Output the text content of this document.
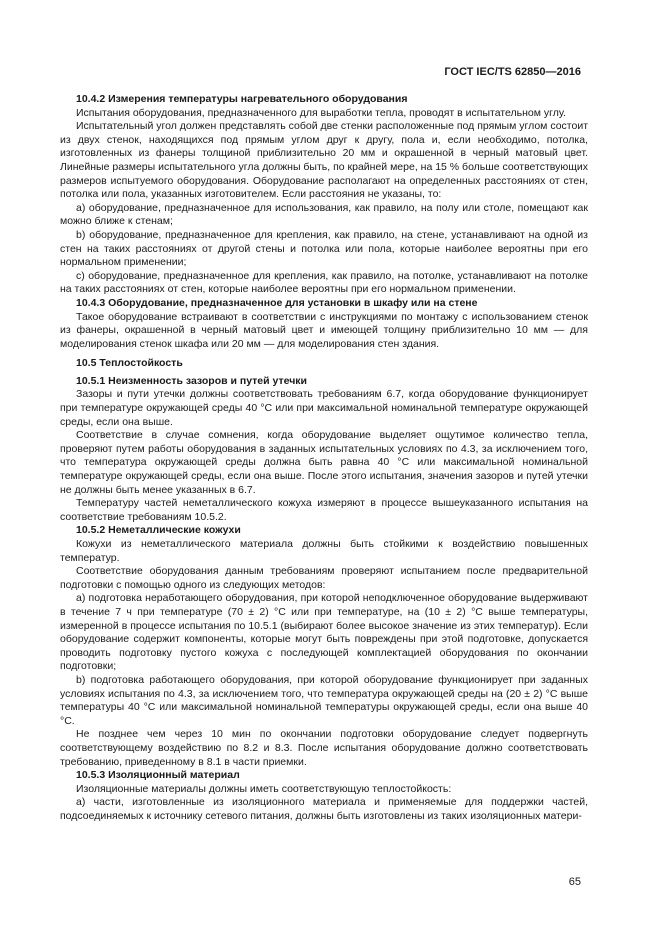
ГОСТ IEC/TS 62850—2016

10.4.2 Измерения температуры нагревательного оборудования

Испытания оборудования, предназначенного для выработки тепла, проводят в испытательном углу.

Испытательный угол должен представлять собой две стенки расположенные под прямым углом состоит из двух стенок, находящихся под прямым углом друг к другу, пола и, если необходимо, потолка, изготовленных из фанеры толщиной приблизительно 20 мм и окрашенной в черный матовый цвет. Линейные размеры испытательного угла должны быть, по крайней мере, на 15 % больше соответствующих размеров испытуемого оборудования. Оборудование располагают на определенных расстояниях от стен, потолка или пола, указанных изготовителем. Если расстояния не указаны, то:

а) оборудование, предназначенное для использования, как правило, на полу или столе, помещают как можно ближе к стенам;

b) оборудование, предназначенное для крепления, как правило, на стене, устанавливают на одной из стен на таких расстояниях от другой стены и потолка или пола, которые наиболее вероятны при его нормальном применении;

с) оборудование, предназначенное для крепления, как правило, на потолке, устанавливают на потолке на таких расстояниях от стен, которые наиболее вероятны при его нормальном применении.

10.4.3 Оборудование, предназначенное для установки в шкафу или на стене

Такое оборудование встраивают в соответствии с инструкциями по монтажу с использованием стенок из фанеры, окрашенной в черный матовый цвет и имеющей толщину приблизительно 10 мм — для моделирования стенок шкафа или 20 мм — для моделирования стен здания.

10.5 Теплостойкость

10.5.1 Неизменность зазоров и путей утечки

Зазоры и пути утечки должны соответствовать требованиям 6.7, когда оборудование функционирует при температуре окружающей среды 40 °С или при максимальной номинальной температуре окружающей среды, если она выше.

Соответствие в случае сомнения, когда оборудование выделяет ощутимое количество тепла, проверяют путем работы оборудования в заданных испытательных условиях по 4.3, за исключением того, что температура окружающей среды должна быть равна 40 °С или максимальной номинальной температуре окружающей среды, если она выше. После этого испытания, значения зазоров и путей утечки не должны быть менее указанных в 6.7.

Температуру частей неметаллического кожуха измеряют в процессе вышеуказанного испытания на соответствие требованиям 10.5.2.

10.5.2 Неметаллические кожухи

Кожухи из неметаллического материала должны быть стойкими к воздействию повышенных температур.

Соответствие оборудования данным требованиям проверяют испытанием после предварительной подготовки с помощью одного из следующих методов:

а) подготовка неработающего оборудования, при которой неподключенное оборудование выдерживают в течение 7 ч при температуре (70 ± 2) °С или при температуре, на (10 ± 2) °С выше температуры, измеренной в процессе испытания по 10.5.1 (выбирают более высокое значение из этих температур). Если оборудование содержит компоненты, которые могут быть повреждены при этой подготовке, допускается проводить подготовку пустого кожуха с последующей комплектацией оборудования по окончании подготовки;

b) подготовка работающего оборудования, при которой оборудование функционирует при заданных условиях испытания по 4.3, за исключением того, что температура окружающей среды на (20 ± 2) °С выше температуры 40 °С или максимальной номинальной температуры окружающей среды, если она выше 40 °С.

Не позднее чем через 10 мин по окончании подготовки оборудование следует подвергнуть соответствующему воздействию по 8.2 и 8.3. После испытания оборудование должно соответствовать требованию, приведенному в 8.1 в части приемки.

10.5.3 Изоляционный материал

Изоляционные материалы должны иметь соответствующую теплостойкость:

а) части, изготовленные из изоляционного материала и применяемые для поддержки частей, подсоединяемых к источнику сетевого питания, должны быть изготовлены из таких изоляционных матери-

65
